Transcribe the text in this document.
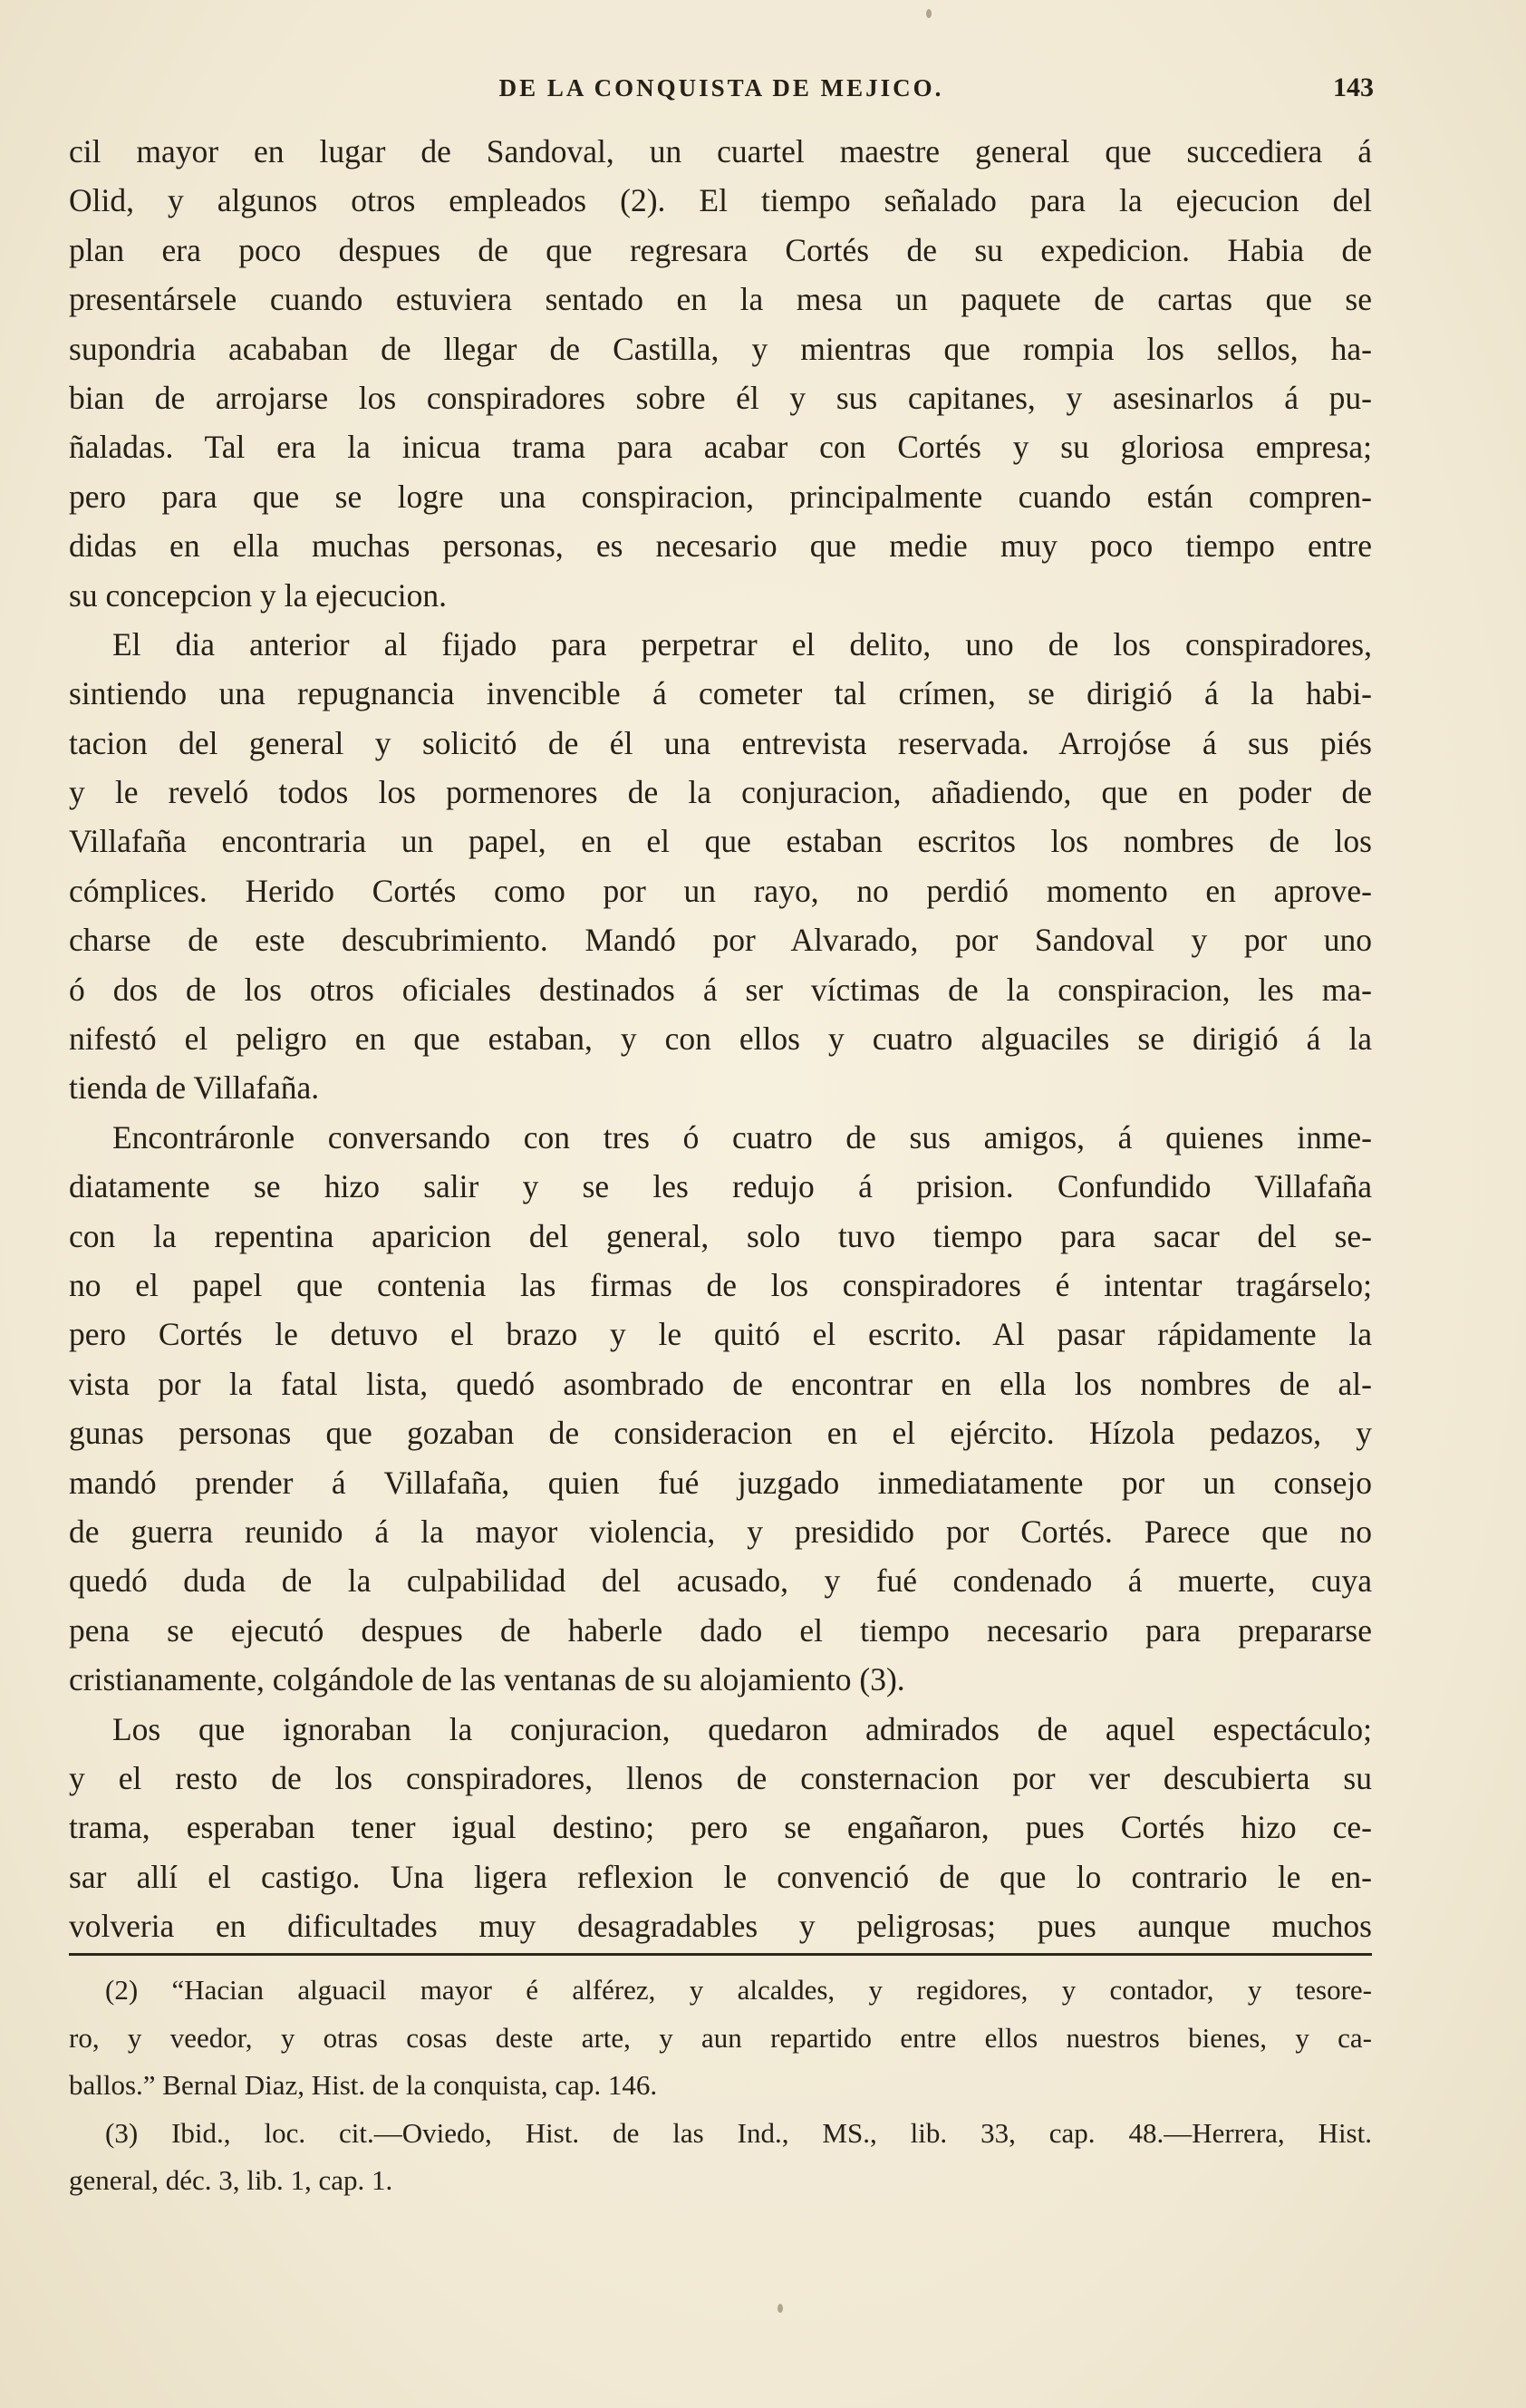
DE LA CONQUISTA DE MEJICO.	143
cil mayor en lugar de Sandoval, un cuartel maestre general que succediera á
Olid, y algunos otros empleados (2). El tiempo señalado para la ejecucion del
plan era poco despues de que regresara Cortés de su expedicion. Habia de
presentársele cuando estuviera sentado en la mesa un paquete de cartas que se
supondria acababan de llegar de Castilla, y mientras que rompia los sellos, ha-
bian de arrojarse los conspiradores sobre él y sus capitanes, y asesinarlos á pu-
ñaladas. Tal era la inicua trama para acabar con Cortés y su gloriosa empresa;
pero para que se logre una conspiracion, principalmente cuando están compren-
didas en ella muchas personas, es necesario que medie muy poco tiempo entre
su concepcion y la ejecucion.
El dia anterior al fijado para perpetrar el delito, uno de los conspiradores,
sintiendo una repugnancia invencible á cometer tal crímen, se dirigió á la habi-
tacion del general y solicitó de él una entrevista reservada. Arrojóse á sus piés
y le reveló todos los pormenores de la conjuracion, añadiendo, que en poder de
Villafaña encontraria un papel, en el que estaban escritos los nombres de los
cómplices. Herido Cortés como por un rayo, no perdió momento en aprove-
charse de este descubrimiento. Mandó por Alvarado, por Sandoval y por uno
ó dos de los otros oficiales destinados á ser víctimas de la conspiracion, les ma-
nifestó el peligro en que estaban, y con ellos y cuatro alguaciles se dirigió á la
tienda de Villafaña.
Encontráronle conversando con tres ó cuatro de sus amigos, á quienes inme-
diatamente se hizo salir y se les redujo á prision. Confundido Villafaña
con la repentina aparicion del general, solo tuvo tiempo para sacar del se-
no el papel que contenia las firmas de los conspiradores é intentar tragárselo;
pero Cortés le detuvo el brazo y le quitó el escrito. Al pasar rápidamente la
vista por la fatal lista, quedó asombrado de encontrar en ella los nombres de al-
gunas personas que gozaban de consideracion en el ejército. Hízola pedazos, y
mandó prender á Villafaña, quien fué juzgado inmediatamente por un consejo
de guerra reunido á la mayor violencia, y presidido por Cortés. Parece que no
quedó duda de la culpabilidad del acusado, y fué condenado á muerte, cuya
pena se ejecutó despues de haberle dado el tiempo necesario para prepararse
cristianamente, colgándole de las ventanas de su alojamiento (3).
Los que ignoraban la conjuracion, quedaron admirados de aquel espectáculo;
y el resto de los conspiradores, llenos de consternacion por ver descubierta su
trama, esperaban tener igual destino; pero se engañaron, pues Cortés hizo ce-
sar allí el castigo. Una ligera reflexion le convenció de que lo contrario le en-
volveria en dificultades muy desagradables y peligrosas; pues aunque muchos
(2) “Hacian alguacil mayor é alférez, y alcaldes, y regidores, y contador, y tesore-
ro, y veedor, y otras cosas deste arte, y aun repartido entre ellos nuestros bienes, y ca-
ballos.” Bernal Diaz, Hist. de la conquista, cap. 146.
(3) Ibid., loc. cit.—Oviedo, Hist. de las Ind., MS., lib. 33, cap. 48.—Herrera, Hist.
general, déc. 3, lib. 1, cap. 1.
